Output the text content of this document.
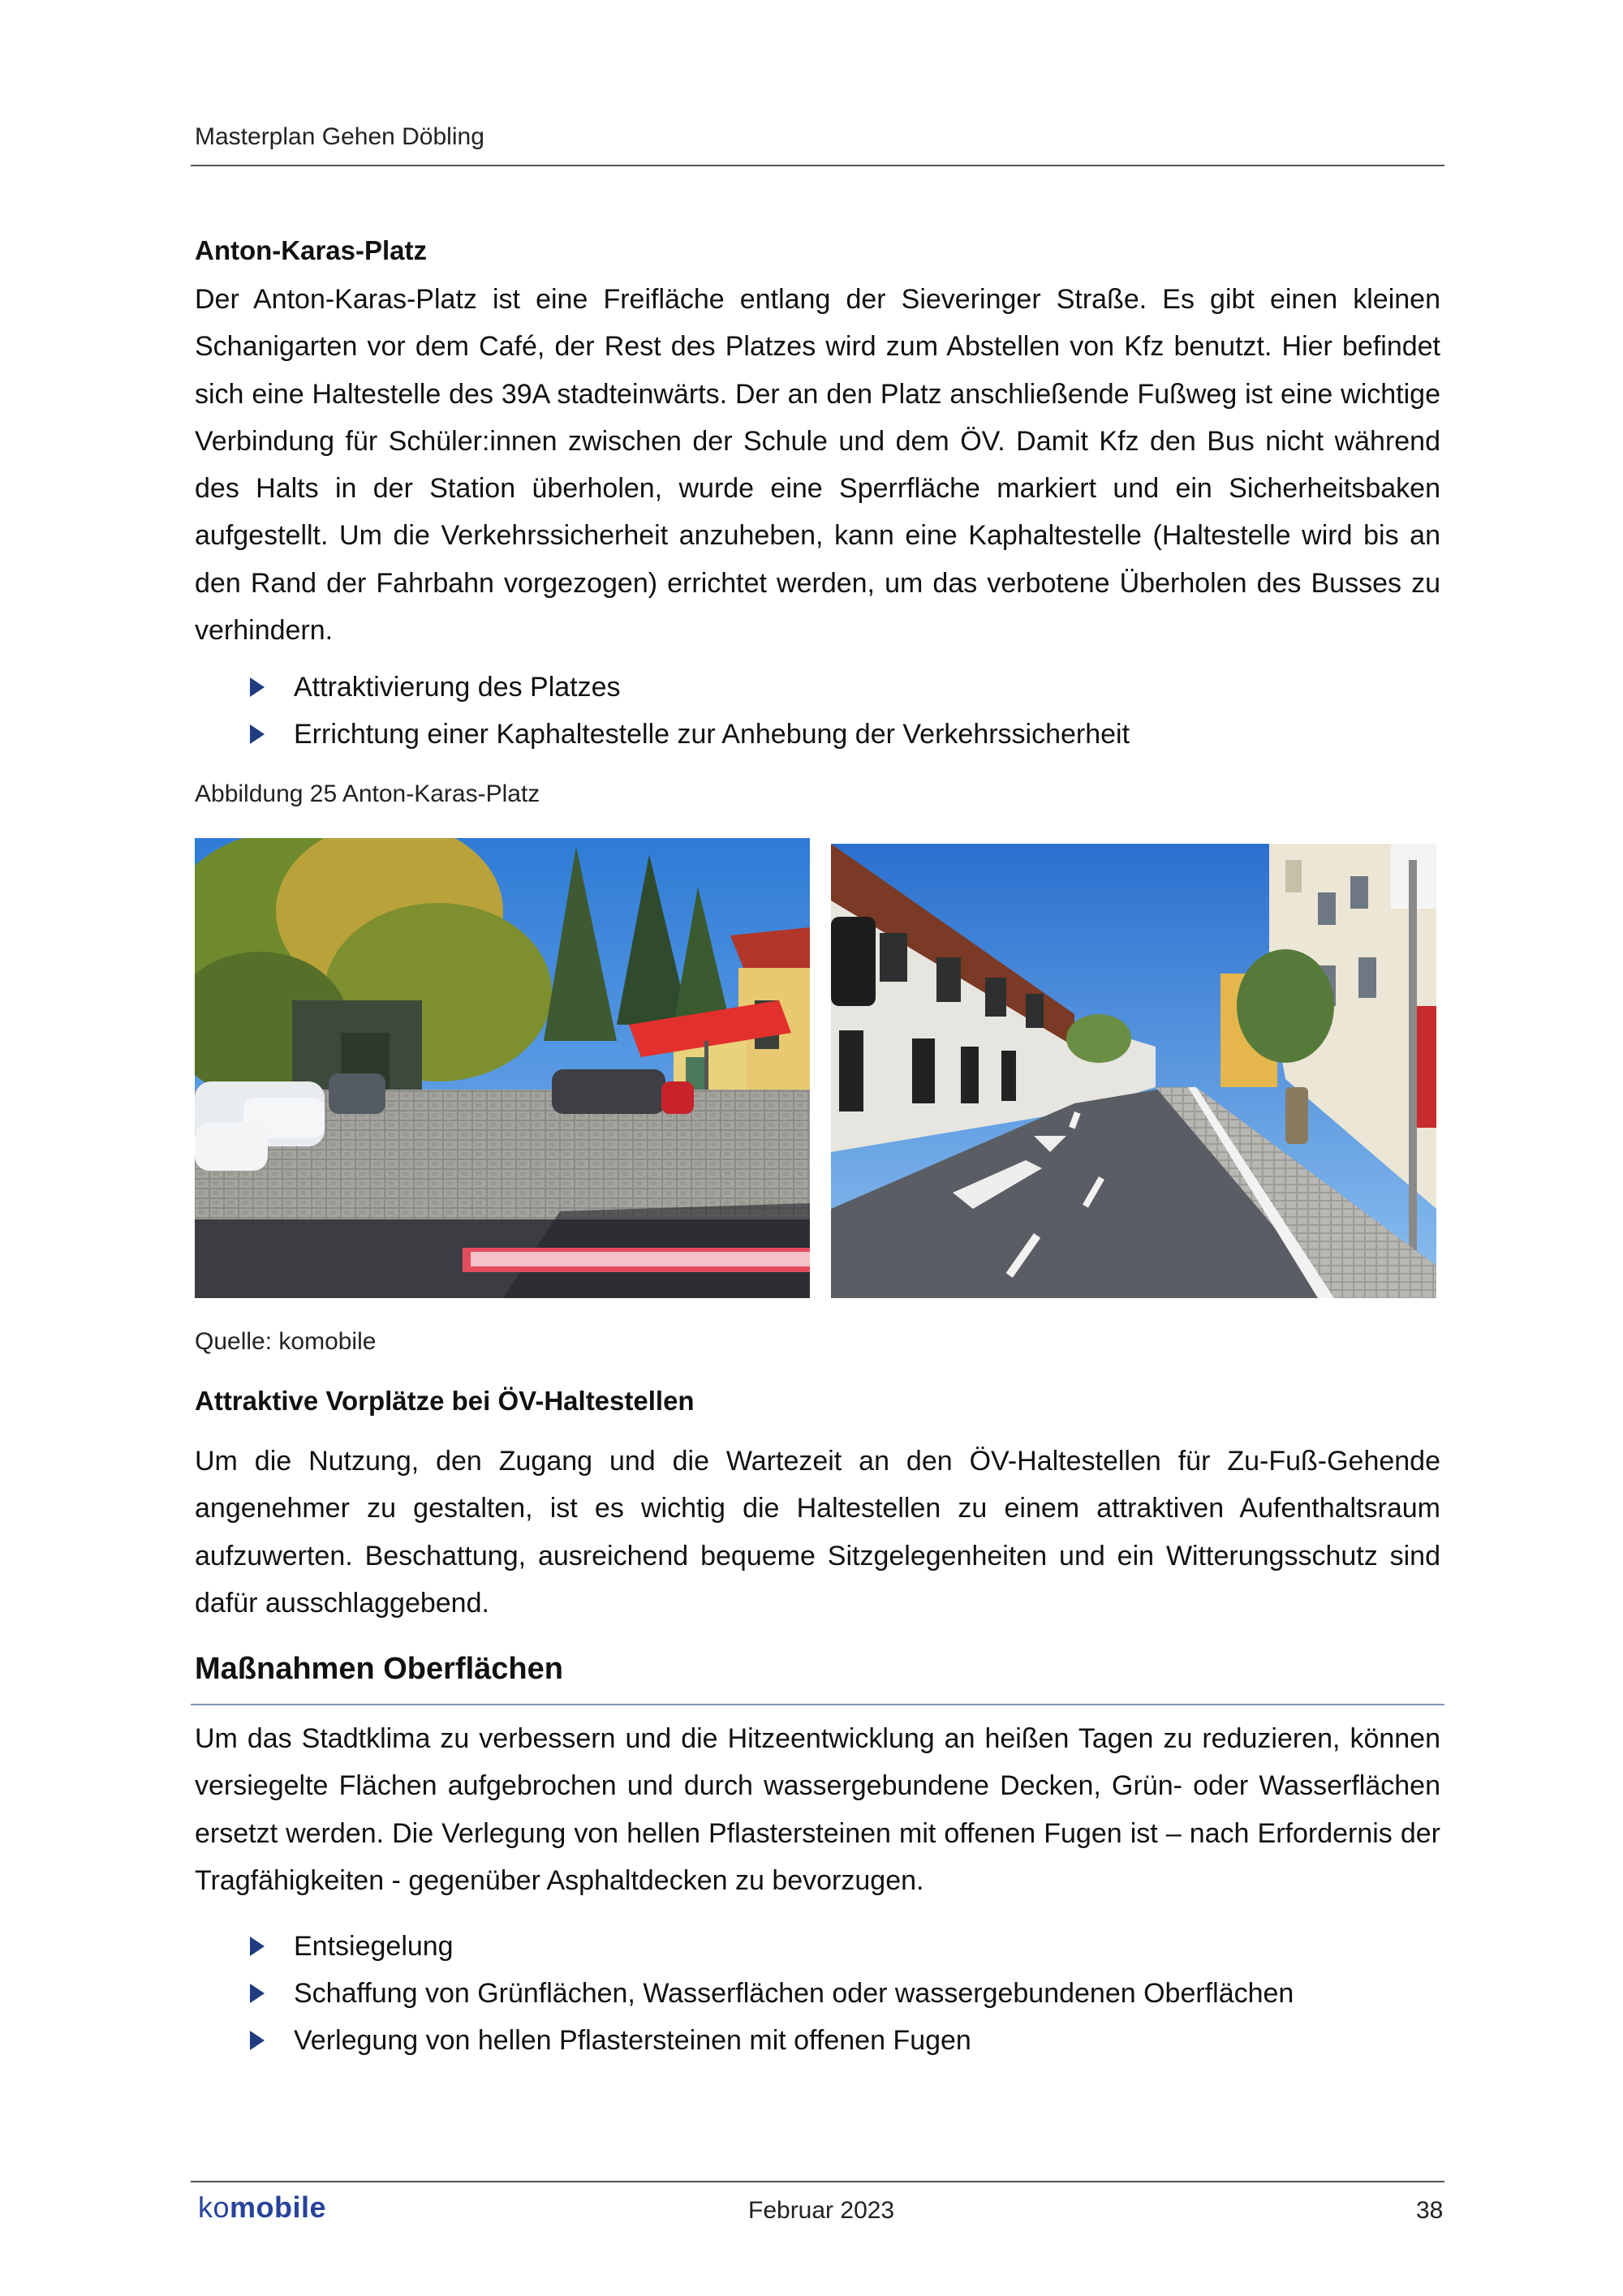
Masterplan Gehen Döbling
Anton-Karas-Platz
Der Anton-Karas-Platz ist eine Freifläche entlang der Sieveringer Straße. Es gibt einen kleinen Schanigarten vor dem Café, der Rest des Platzes wird zum Abstellen von Kfz benutzt. Hier befindet sich eine Haltestelle des 39A stadteinwärts. Der an den Platz anschließende Fußweg ist eine wichtige Verbindung für Schüler:innen zwischen der Schule und dem ÖV. Damit Kfz den Bus nicht während des Halts in der Station überholen, wurde eine Sperrfläche markiert und ein Sicherheitsbaken aufgestellt. Um die Verkehrssicherheit anzuheben, kann eine Kaphaltestelle (Haltestelle wird bis an den Rand der Fahrbahn vorgezogen) errichtet werden, um das verbotene Überholen des Busses zu verhindern.
Attraktivierung des Platzes
Errichtung einer Kaphaltestelle zur Anhebung der Verkehrssicherheit
Abbildung 25 Anton-Karas-Platz
Quelle: komobile
Attraktive Vorplätze bei ÖV-Haltestellen
Um die Nutzung, den Zugang und die Wartezeit an den ÖV-Haltestellen für Zu-Fuß-Gehende angenehmer zu gestalten, ist es wichtig die Haltestellen zu einem attraktiven Aufenthaltsraum aufzuwerten. Beschattung, ausreichend bequeme Sitzgelegenheiten und ein Witterungsschutz sind dafür ausschlaggebend.
Maßnahmen Oberflächen
Um das Stadtklima zu verbessern und die Hitzeentwicklung an heißen Tagen zu reduzieren, können versiegelte Flächen aufgebrochen und durch wassergebundene Decken, Grün- oder Wasserflächen ersetzt werden. Die Verlegung von hellen Pflastersteinen mit offenen Fugen ist – nach Erfordernis der Tragfähigkeiten - gegenüber Asphaltdecken zu bevorzugen.
Entsiegelung
Schaffung von Grünflächen, Wasserflächen oder wassergebundenen Oberflächen
Verlegung von hellen Pflastersteinen mit offenen Fugen
komobile	Februar 2023	38
